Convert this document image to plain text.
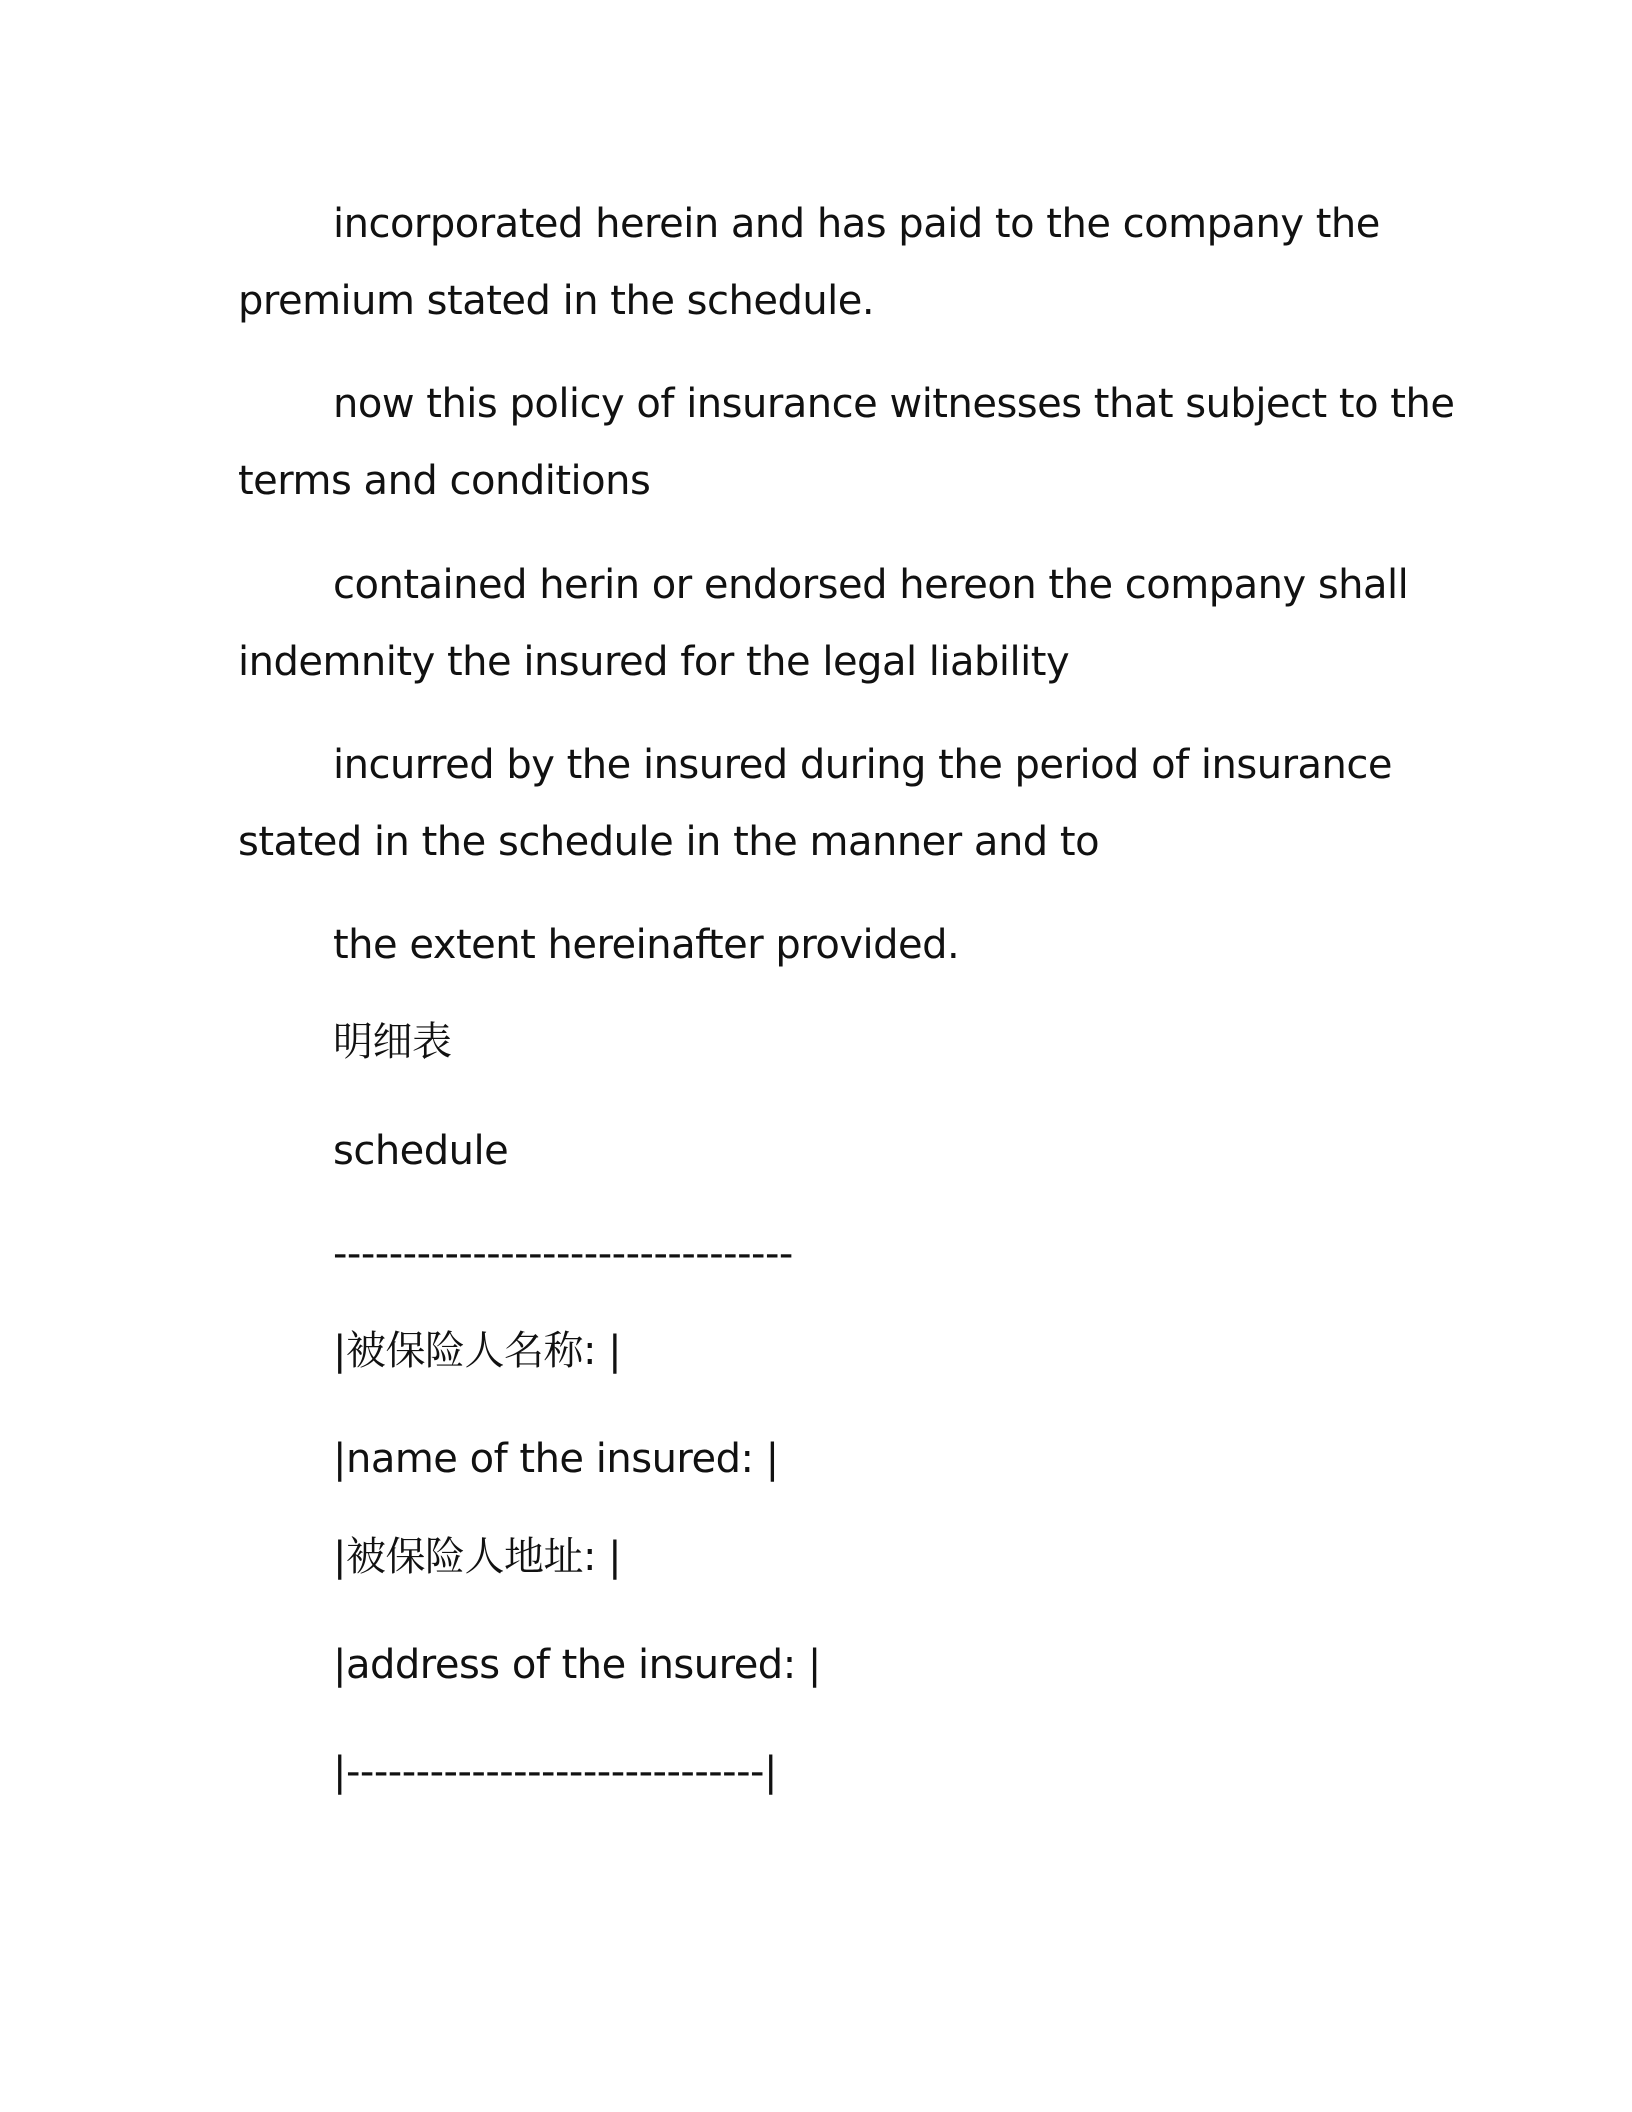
incorporated herein and has paid to the company the

premium stated in the schedule.

now this policy of insurance witnesses that subject to the

terms and conditions

contained herin or endorsed hereon the company shall

indemnity the insured for the legal liability

incurred by the insured during the period of insurance

stated in the schedule in the manner and to

the extent hereinafter provided.

明细表

schedule

---------------------------------

|被保险人名称: |

|name of the insured: |

|被保险人地址: |

|address of the insured: |

|------------------------------|
